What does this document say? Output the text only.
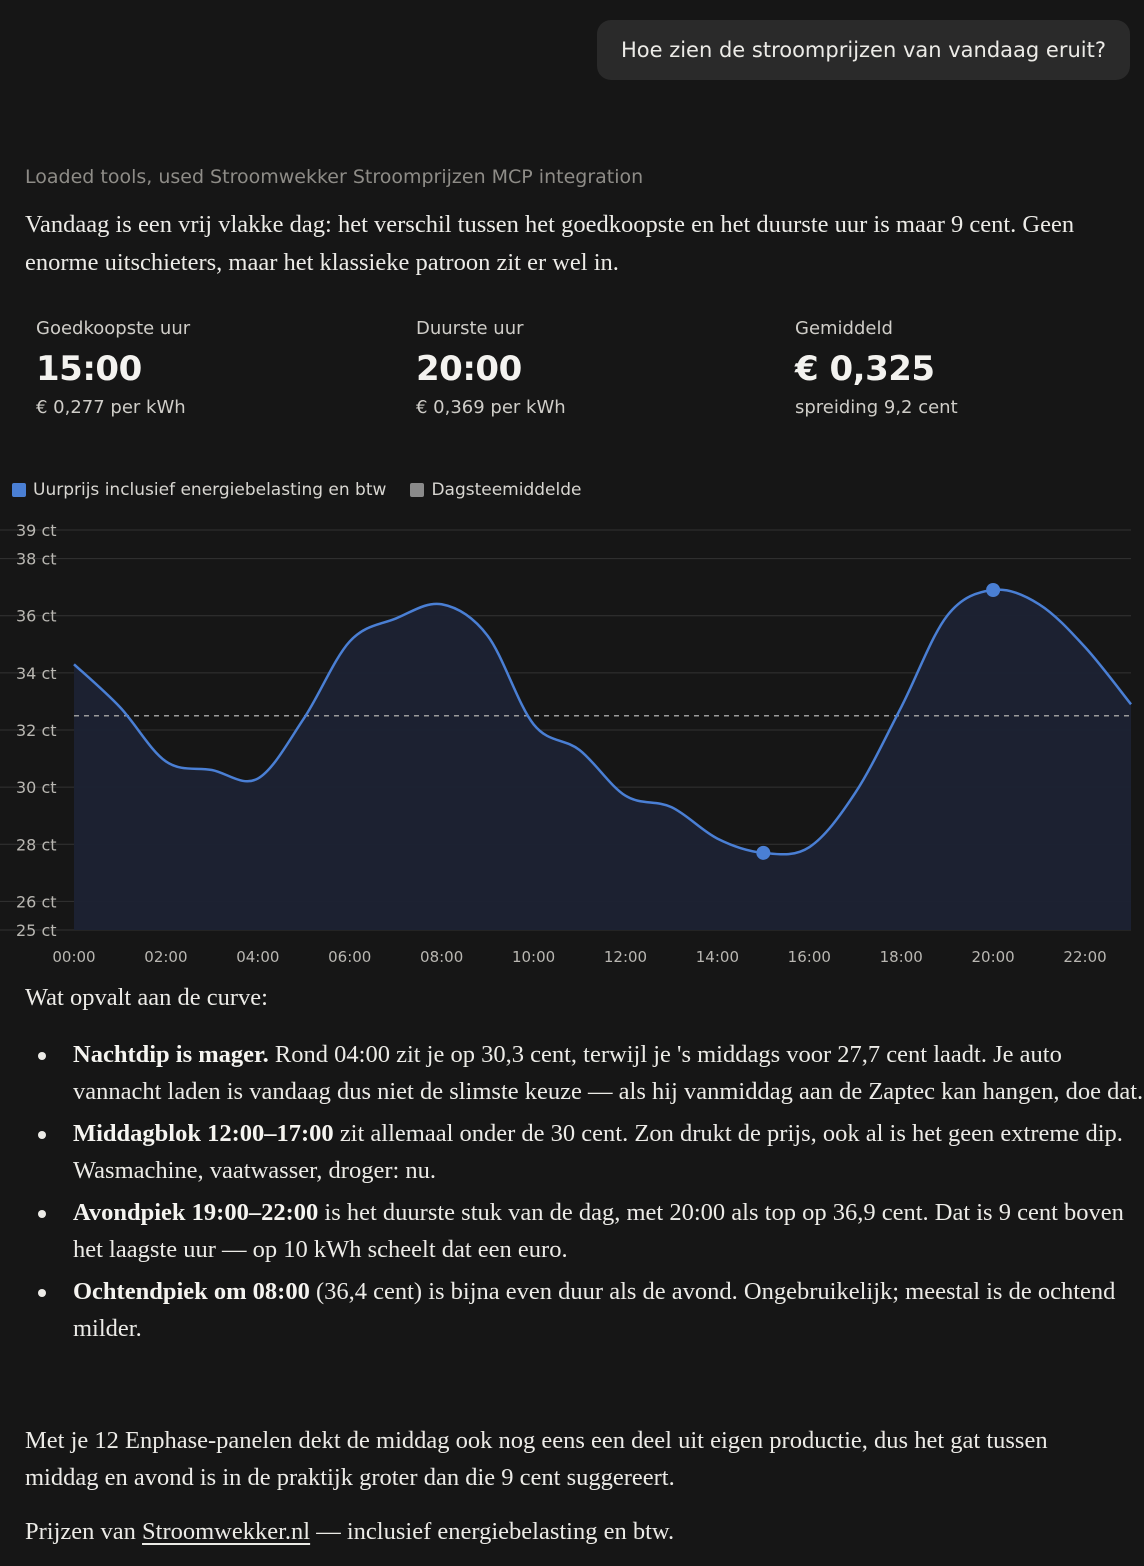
Hoe zien de stroomprijzen van vandaag eruit?
Loaded tools, used Stroomwekker Stroomprijzen MCP integration

Vandaag is een vrij vlakke dag: het verschil tussen het goedkoopste en het duurste uur is maar 9 cent. Geen enorme uitschieters, maar het klassieke patroon zit er wel in.

Goedkoopste uur
15:00
€ 0,277 per kWh
Duurste uur
20:00
€ 0,369 per kWh
Gemiddeld
€ 0,325
spreiding 9,2 cent
Uurprijs inclusief energiebelasting en btw	Dagsteemiddelde
25 ct
26 ct
28 ct
30 ct
32 ct
34 ct
36 ct
38 ct
39 ct
00:00	02:00	04:00	06:00	08:00	10:00	12:00	14:00	16:00	18:00	20:00	22:00

Wat opvalt aan de curve:

Nachtdip is mager. Rond 04:00 zit je op 30,3 cent, terwijl je 's middags voor 27,7 cent laadt. Je auto vannacht laden is vandaag dus niet de slimste keuze — als hij vanmiddag aan de Zaptec kan hangen, doe dat.
Middagblok 12:00–17:00 zit allemaal onder de 30 cent. Zon drukt de prijs, ook al is het geen extreme dip. Wasmachine, vaatwasser, droger: nu.
Avondpiek 19:00–22:00 is het duurste stuk van de dag, met 20:00 als top op 36,9 cent. Dat is 9 cent boven het laagste uur — op 10 kWh scheelt dat een euro.
Ochtendpiek om 08:00 (36,4 cent) is bijna even duur als de avond. Ongebruikelijk; meestal is de ochtend milder.

Met je 12 Enphase-panelen dekt de middag ook nog eens een deel uit eigen productie, dus het gat tussen middag en avond is in de praktijk groter dan die 9 cent suggereert.

Prijzen van Stroomwekker.nl — inclusief energiebelasting en btw.
